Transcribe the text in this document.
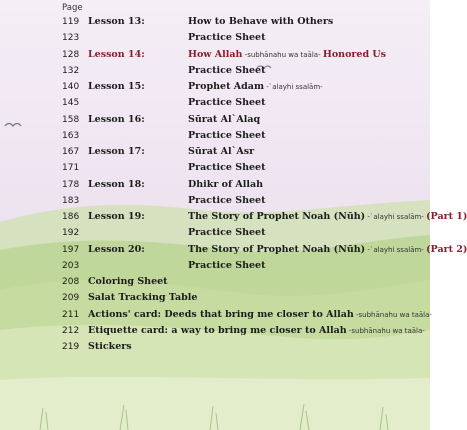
Page
119 Lesson 13:	How to Behave with Others
123	Practice Sheet
128 Lesson 14:	How Allah -subhānahu wa taāla- Honored Us
132	Practice Sheet
140 Lesson 15:	Prophet Adam -`alayhi ssalām-
145	Practice Sheet
158 Lesson 16:	Sūrat Al`Alaq
163	Practice Sheet
167 Lesson 17:	Sūrat Al`Asr
171	Practice Sheet
178 Lesson 18:	Dhikr of Allah
183	Practice Sheet
186 Lesson 19:	The Story of Prophet Noah (Nūh) -`alayhi ssalām- (Part 1)
192	Practice Sheet
197 Lesson 20:	The Story of Prophet Noah (Nūh) -`alayhi ssalām- (Part 2)
203	Practice Sheet
208 Coloring Sheet
209 Salat Tracking Table
211 Actions' card: Deeds that bring me closer to Allah -subhānahu wa taāla-
212 Etiquette card: a way to bring me closer to Allah -subhānahu wa taāla-
219 Stickers
